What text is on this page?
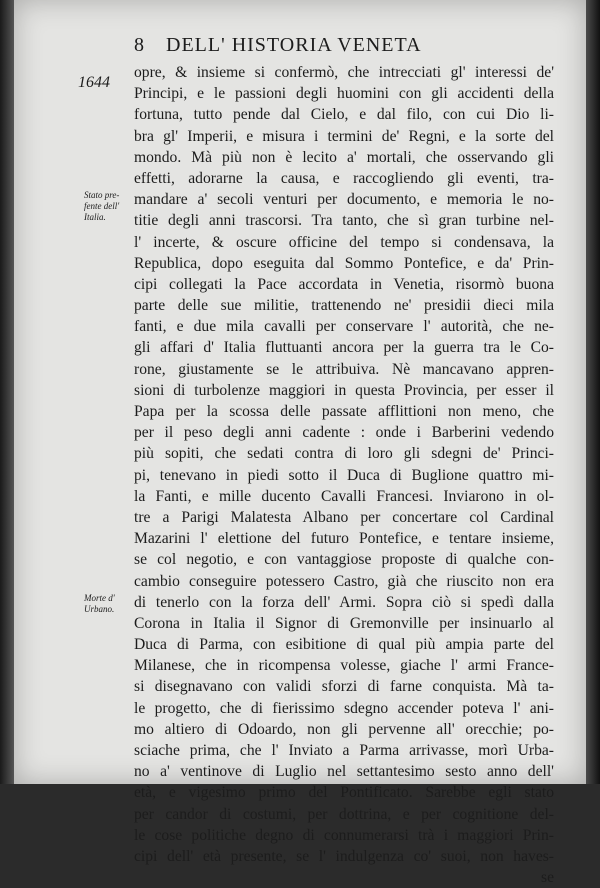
8 DELL' HISTORIA VENETA
1644
Stato pre-
fente dell'
Italia.
Morte d'
Urbano.
opre, & insieme si confermò, che intrecciati gl' interessi de'
Principi, e le passioni degli huomini con gli accidenti della
fortuna, tutto pende dal Cielo, e dal filo, con cui Dio li-
bra gl' Imperii, e misura i termini de' Regni, e la sorte del
mondo. Mà più non è lecito a' mortali, che osservando gli
effetti, adorarne la causa, e raccogliendo gli eventi, tra-
mandare a' secoli venturi per documento, e memoria le no-
titie degli anni trascorsi. Tra tanto, che sì gran turbine nel-
l' incerte, & oscure officine del tempo si condensava, la
Republica, dopo eseguita dal Sommo Pontefice, e da' Prin-
cipi collegati la Pace accordata in Venetia, risormò buona
parte delle sue militie, trattenendo ne' presidii dieci mila
fanti, e due mila cavalli per conservare l' autorità, che ne-
gli affari d' Italia fluttuanti ancora per la guerra tra le Co-
rone, giustamente se le attribuiva. Nè mancavano appren-
sioni di turbolenze maggiori in questa Provincia, per esser il
Papa per la scossa delle passate afflittioni non meno, che
per il peso degli anni cadente : onde i Barberini vedendo
più sopiti, che sedati contra di loro gli sdegni de' Princi-
pi, tenevano in piedi sotto il Duca di Buglione quattro mi-
la Fanti, e mille ducento Cavalli Francesi. Inviarono in ol-
tre a Parigi Malatesta Albano per concertare col Cardinal
Mazarini l' elettione del futuro Pontefice, e tentare insieme,
se col negotio, e con vantaggiose proposte di qualche con-
cambio conseguire potessero Castro, già che riuscito non era
di tenerlo con la forza dell' Armi. Sopra ciò si spedì dalla
Corona in Italia il Signor di Gremonville per insinuarlo al
Duca di Parma, con esibitione di qual più ampia parte del
Milanese, che in ricompensa volesse, giache l' armi France-
si disegnavano con validi sforzi di farne conquista. Mà ta-
le progetto, che di fierissimo sdegno accender poteva l' ani-
mo altiero di Odoardo, non gli pervenne all' orecchie; po-
sciache prima, che l' Inviato a Parma arrivasse, morì Urba-
no a' ventinove di Luglio nel settantesimo sesto anno dell'
età, e vigesimo primo del Pontificato. Sarebbe egli stato
per candor di costumi, per dottrina, e per cognitione del-
le cose politiche degno di connumerarsi trà i maggiori Prin-
cipi dell' età presente, se l' indulgenza co' suoi, non haves-
se
